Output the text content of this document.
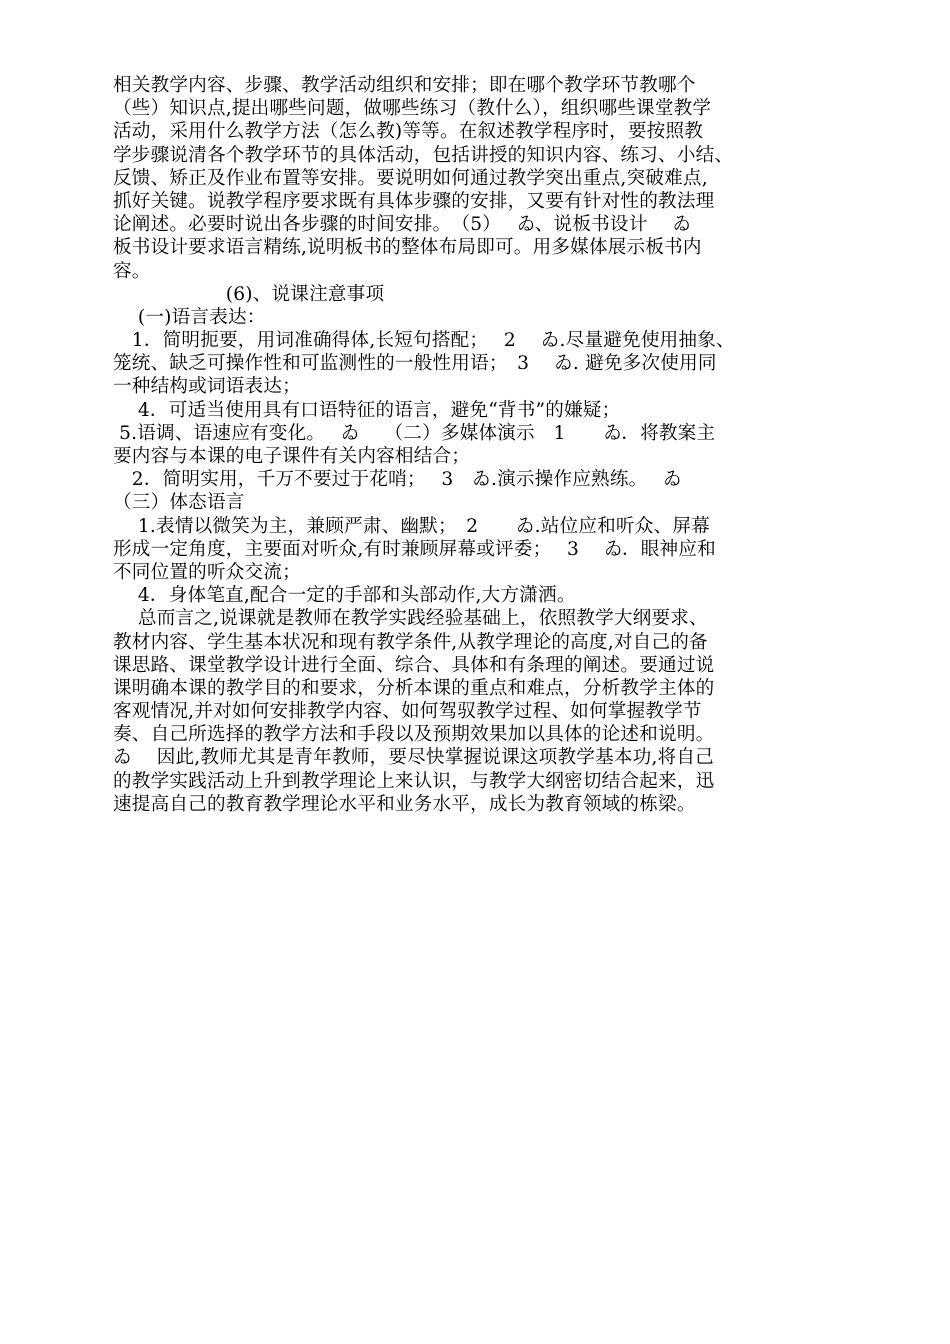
相关教学内容、步骤、教学活动组织和安排；即在哪个教学环节教哪个
（些）知识点,提出哪些问题，做哪些练习（教什么），组织哪些课堂教学
活动，采用什么教学方法（怎么教)等等。在叙述教学程序时，要按照教
学步骤说清各个教学环节的具体活动，包括讲授的知识内容、练习、小结、
反馈、矫正及作业布置等安排。要说明如何通过教学突出重点,突破难点,
抓好关键。说教学程序要求既有具体步骤的安排，又要有针对性的教法理
论阐述。必要时说出各步骤的时间安排。　（5）　 ゐ、说板书设计　 ゐ
板书设计要求语言精练,说明板书的整体布局即可。用多媒体展示板书内
容。
　　　　　　(6)、说课注意事项
　 (一)语言表达：
　1．简明扼要，用词准确得体,长短句搭配；　 2 　ゐ.尽量避免使用抽象、
笼统、缺乏可操作性和可监测性的一般性用语；　3　 ゐ. 避免多次使用同
一种结构或词语表达；
　 4．可适当使用具有口语特征的语言，避免“背书”的嫌疑；
5.语调、语速应有变化。　 ゐ　 （二）多媒体演示　1　　ゐ．将教案主
要内容与本课的电子课件有关内容相结合；
　2．简明实用，千万不要过于花哨；　 3　ゐ.演示操作应熟练。　 ゐ
（三）体态语言
　 1.表情以微笑为主，兼顾严肃、幽默；　2　　ゐ.站位应和听众、屏幕
形成一定角度，主要面对听众,有时兼顾屏幕或评委；　 3　 ゐ．眼神应和
不同位置的听众交流；
　 4．身体笔直,配合一定的手部和头部动作,大方潇洒。
　 总而言之,说课就是教师在教学实践经验基础上，依照教学大纲要求、
教材内容、学生基本状况和现有教学条件,从教学理论的高度,对自己的备
课思路、课堂教学设计进行全面、综合、具体和有条理的阐述。要通过说
课明确本课的教学目的和要求，分析本课的重点和难点，分析教学主体的
客观情况,并对如何安排教学内容、如何驾驭教学过程、如何掌握教学节
奏、自己所选择的教学方法和手段以及预期效果加以具体的论述和说明。
ゐ　 因此,教师尤其是青年教师，要尽快掌握说课这项教学基本功,将自己
的教学实践活动上升到教学理论上来认识，与教学大纲密切结合起来，迅
速提高自己的教育教学理论水平和业务水平，成长为教育领域的栋梁。
